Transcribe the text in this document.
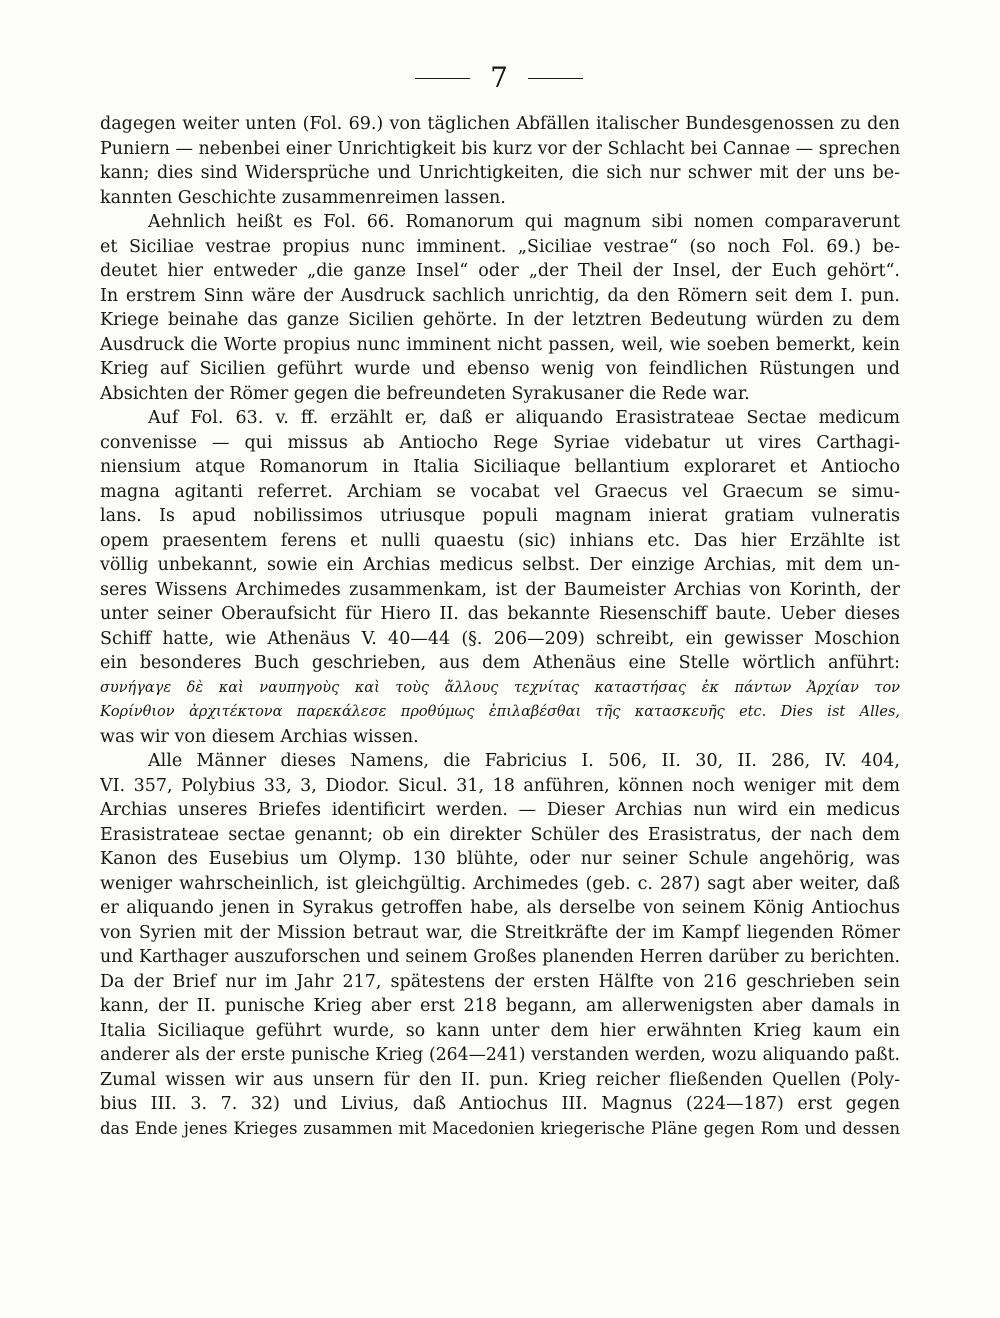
7
dagegen weiter unten (Fol. 69.) von täglichen Abfällen italischer Bundesgenossen zu den
Puniern — nebenbei einer Unrichtigkeit bis kurz vor der Schlacht bei Cannae — sprechen
kann; dies sind Widersprüche und Unrichtigkeiten, die sich nur schwer mit der uns be-
kannten Geschichte zusammenreimen lassen.
Aehnlich heißt es Fol. 66. Romanorum qui magnum sibi nomen comparaverunt
et Siciliae vestrae propius nunc imminent. „Siciliae vestrae“ (so noch Fol. 69.) be-
deutet hier entweder „die ganze Insel“ oder „der Theil der Insel, der Euch gehört“.
In erstrem Sinn wäre der Ausdruck sachlich unrichtig, da den Römern seit dem I. pun.
Kriege beinahe das ganze Sicilien gehörte. In der letztren Bedeutung würden zu dem
Ausdruck die Worte propius nunc imminent nicht passen, weil, wie soeben bemerkt, kein
Krieg auf Sicilien geführt wurde und ebenso wenig von feindlichen Rüstungen und
Absichten der Römer gegen die befreundeten Syrakusaner die Rede war.
Auf Fol. 63. v. ff. erzählt er, daß er aliquando Erasistrateae Sectae medicum
convenisse — qui missus ab Antiocho Rege Syriae videbatur ut vires Carthagi-
niensium atque Romanorum in Italia Siciliaque bellantium exploraret et Antiocho
magna agitanti referret. Archiam se vocabat vel Graecus vel Graecum se simu-
lans. Is apud nobilissimos utriusque populi magnam inierat gratiam vulneratis
opem praesentem ferens et nulli quaestu (sic) inhians etc. Das hier Erzählte ist
völlig unbekannt, sowie ein Archias medicus selbst. Der einzige Archias, mit dem un-
seres Wissens Archimedes zusammenkam, ist der Baumeister Archias von Korinth, der
unter seiner Oberaufsicht für Hiero II. das bekannte Riesenschiff baute. Ueber dieses
Schiff hatte, wie Athenäus V. 40—44 (§. 206—209) schreibt, ein gewisser Moschion
ein besonderes Buch geschrieben, aus dem Athenäus eine Stelle wörtlich anführt:
συνήγαγε δὲ καὶ ναυπηγοὺς καὶ τοὺς ἄλλους τεχνίτας καταστήσας ἐκ πάντων Ἀρχίαν τον
Κορίνθιον ἀρχιτέκτονα παρεκάλεσε προθύμως ἐπιλαβέσθαι τῆς κατασκευῆς etc. Dies ist Alles,
was wir von diesem Archias wissen.
Alle Männer dieses Namens, die Fabricius I. 506, II. 30, II. 286, IV. 404,
VI. 357, Polybius 33, 3, Diodor. Sicul. 31, 18 anführen, können noch weniger mit dem
Archias unseres Briefes identificirt werden. — Dieser Archias nun wird ein medicus
Erasistrateae sectae genannt; ob ein direkter Schüler des Erasistratus, der nach dem
Kanon des Eusebius um Olymp. 130 blühte, oder nur seiner Schule angehörig, was
weniger wahrscheinlich, ist gleichgültig. Archimedes (geb. c. 287) sagt aber weiter, daß
er aliquando jenen in Syrakus getroffen habe, als derselbe von seinem König Antiochus
von Syrien mit der Mission betraut war, die Streitkräfte der im Kampf liegenden Römer
und Karthager auszuforschen und seinem Großes planenden Herren darüber zu berichten.
Da der Brief nur im Jahr 217, spätestens der ersten Hälfte von 216 geschrieben sein
kann, der II. punische Krieg aber erst 218 begann, am allerwenigsten aber damals in
Italia Siciliaque geführt wurde, so kann unter dem hier erwähnten Krieg kaum ein
anderer als der erste punische Krieg (264—241) verstanden werden, wozu aliquando paßt.
Zumal wissen wir aus unsern für den II. pun. Krieg reicher fließenden Quellen (Poly-
bius III. 3. 7. 32) und Livius, daß Antiochus III. Magnus (224—187) erst gegen
das Ende jenes Krieges zusammen mit Macedonien kriegerische Pläne gegen Rom und dessen
